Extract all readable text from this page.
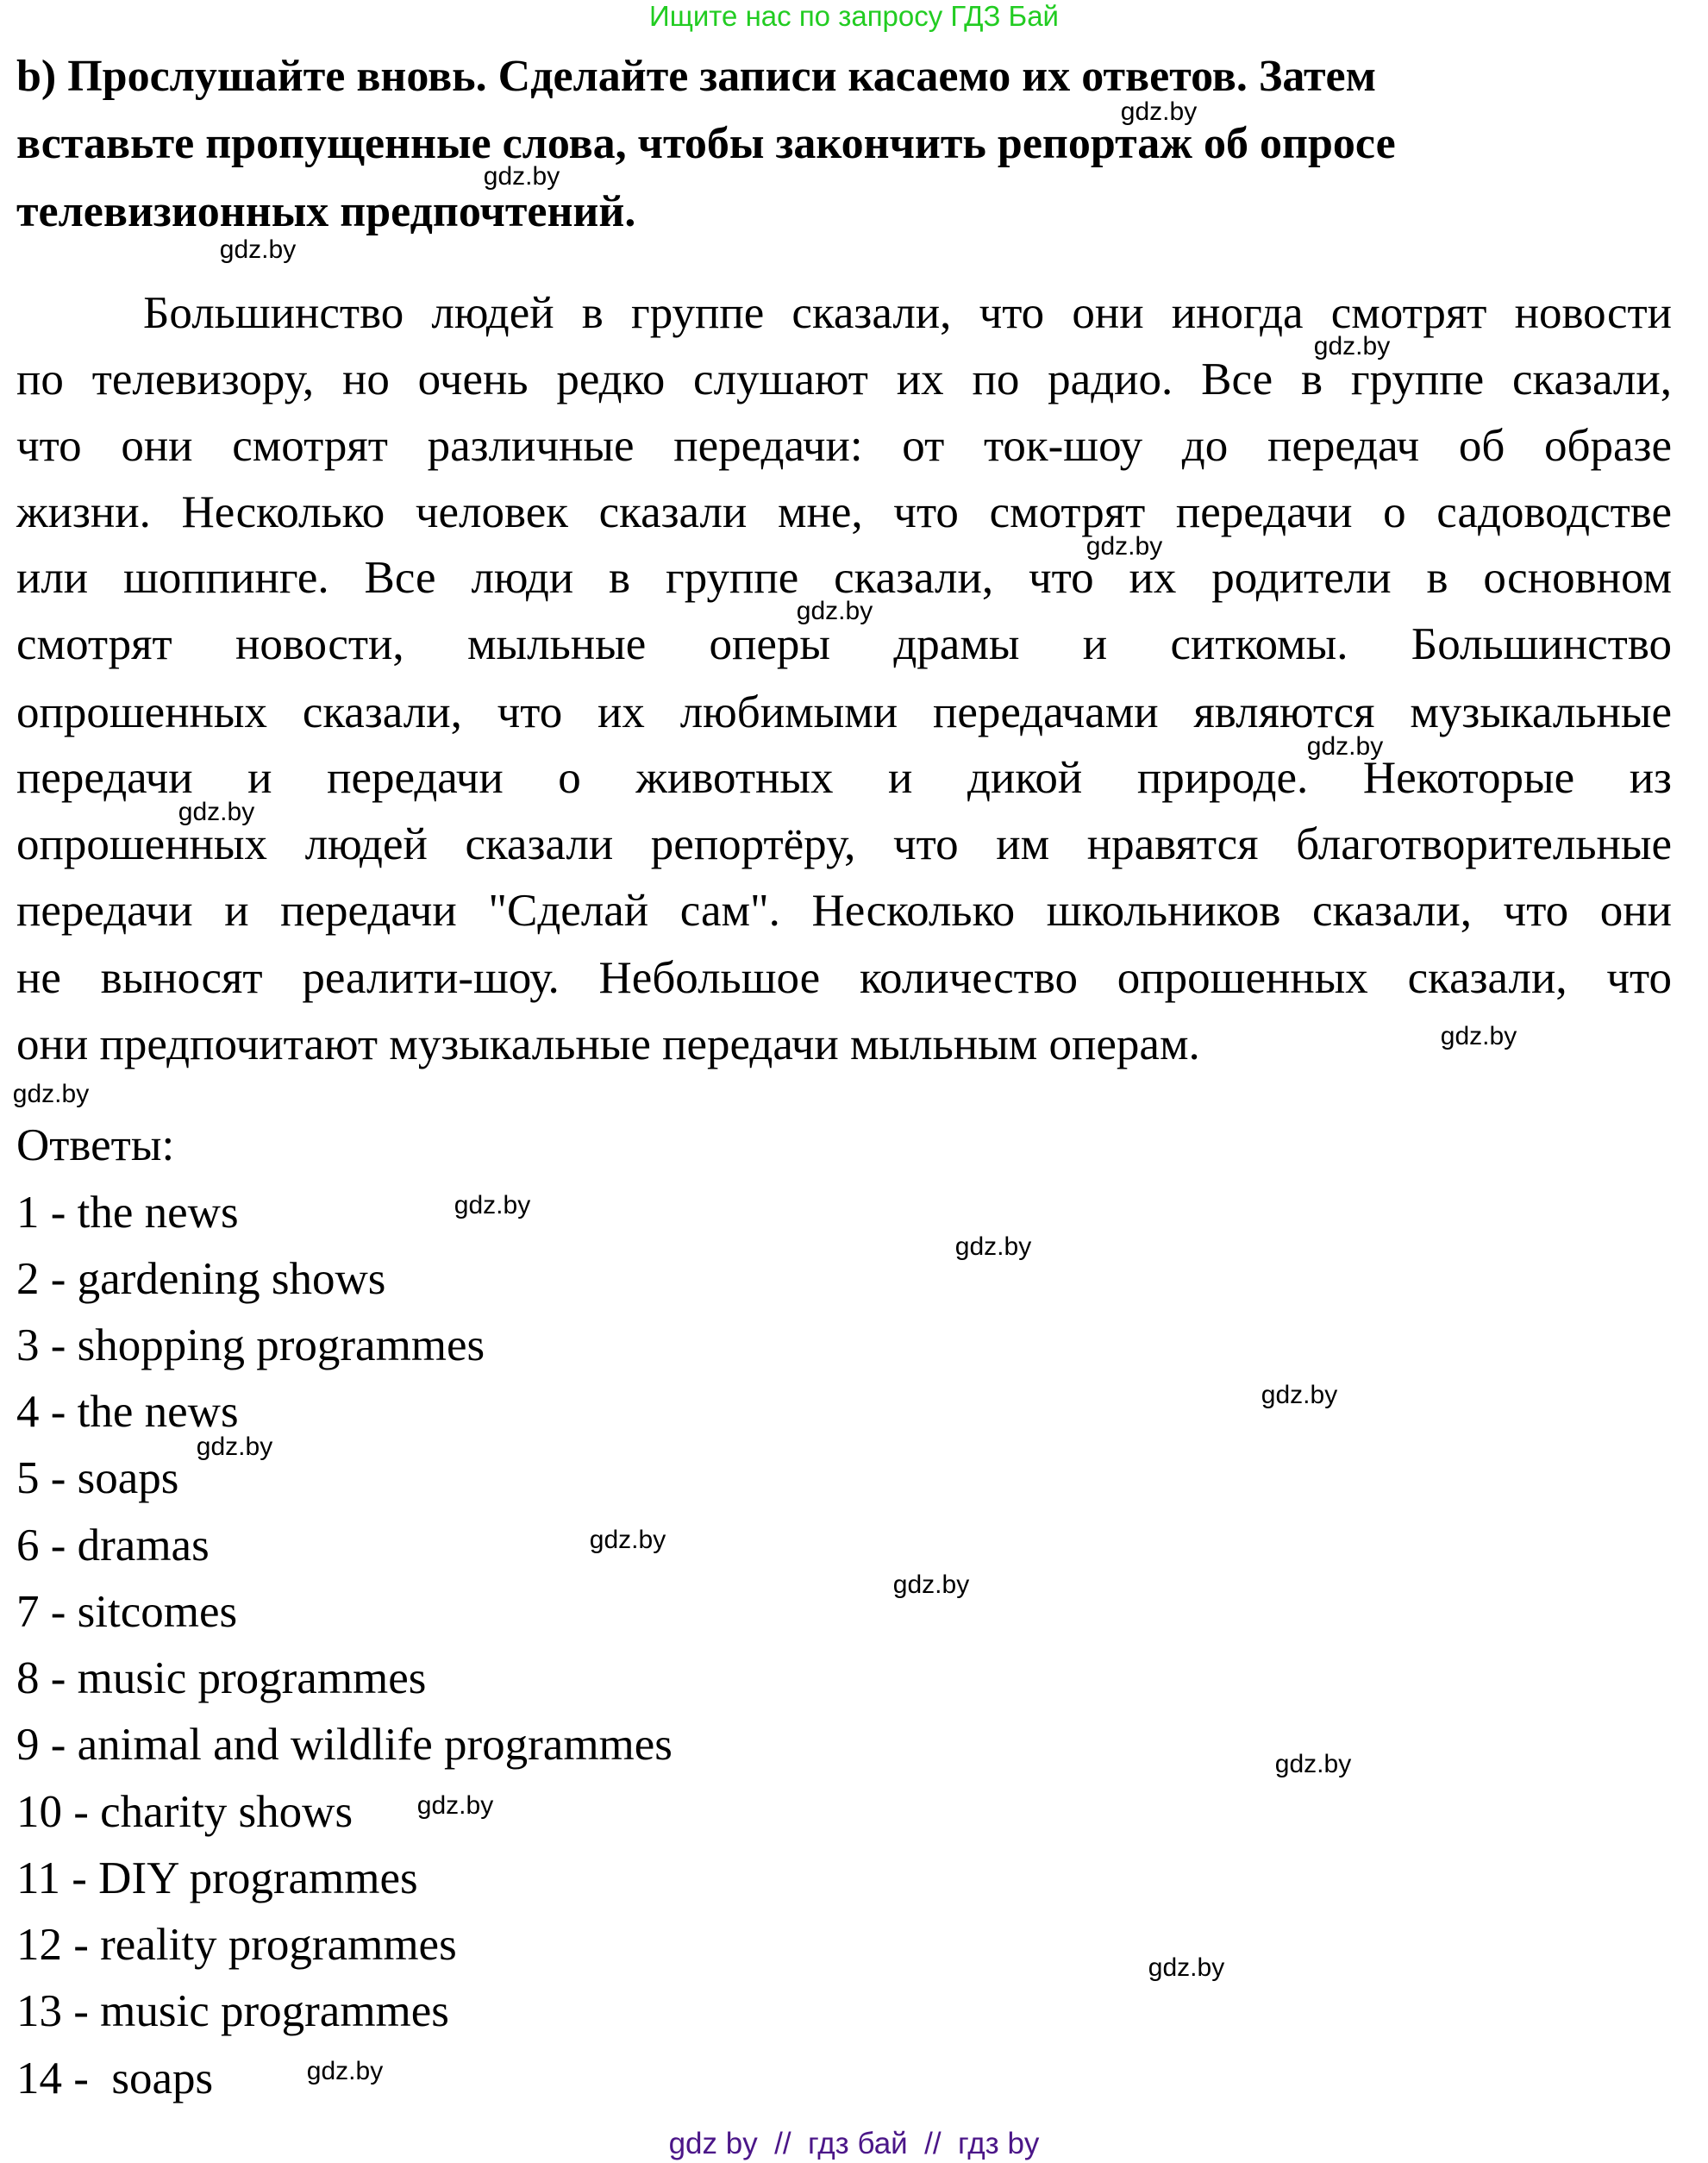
Ищите нас по запросу ГДЗ Бай
b) Прослушайте вновь. Сделайте записи касаемо их ответов. Затем
вставьте пропущенные слова, чтобы закончить репортаж об опросе
телевизионных предпочтений.
Большинство людей в группе сказали, что они иногда смотрят новости
по телевизору, но очень редко слушают их по радио. Все в группе сказали,
что они смотрят различные передачи: от ток-шоу до передач об образе
жизни. Несколько человек сказали мне, что смотрят передачи о садоводстве
или шоппинге. Все люди в группе сказали, что их родители в основном
смотрят новости, мыльные оперы драмы и ситкомы. Большинство
опрошенных сказали, что их любимыми передачами являются музыкальные
передачи и передачи о животных и дикой природе. Некоторые из
опрошенных людей сказали репортёру, что им нравятся благотворительные
передачи и передачи "Сделай сам". Несколько школьников сказали, что они
не выносят реалити-шоу. Небольшое количество опрошенных сказали, что
они предпочитают музыкальные передачи мыльным операм.
Ответы:
1 - the news
2 - gardening shows
3 - shopping programmes
4 - the news
5 - soaps
6 - dramas
7 - sitcomes
8 - music programmes
9 - animal and wildlife programmes
10 - charity shows
11 - DIY programmes
12 - reality programmes
13 - music programmes
14 -  soaps
gdz.by
gdz.by
gdz.by
gdz.by
gdz.by
gdz.by
gdz.by
gdz.by
gdz.by
gdz.by
gdz.by
gdz.by
gdz.by
gdz.by
gdz.by
gdz.by
gdz.by
gdz.by
gdz.by
gdz.by
gdz by  //  гдз бай  //  гдз by
